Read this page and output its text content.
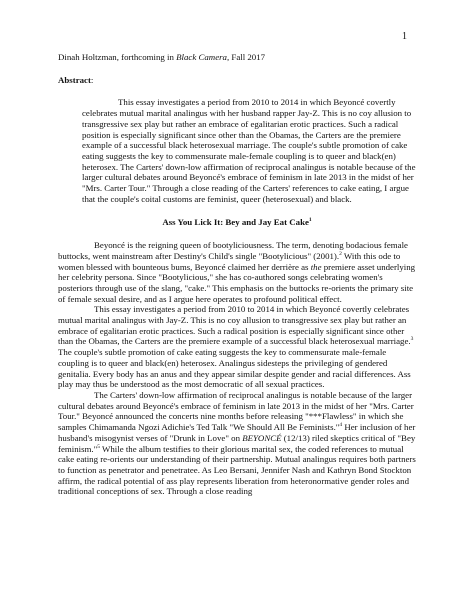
1

Dinah Holtzman, forthcoming in Black Camera, Fall 2017

Abstract:

This essay investigates a period from 2010 to 2014 in which Beyoncé covertly celebrates mutual marital analingus with her husband rapper Jay-Z. This is no coy allusion to transgressive sex play but rather an embrace of egalitarian erotic practices. Such a radical position is especially significant since other than the Obamas, the Carters are the premiere example of a successful black heterosexual marriage. The couple's subtle promotion of cake eating suggests the key to commensurate male-female coupling is to queer and black(en) heterosex. The Carters' down-low affirmation of reciprocal analingus is notable because of the larger cultural debates around Beyoncé's embrace of feminism in late 2013 in the midst of her "Mrs. Carter Tour." Through a close reading of the Carters' references to cake eating, I argue that the couple's coital customs are feminist, queer (heterosexual) and black.

Ass You Lick It: Bey and Jay Eat Cake$^1$

Beyoncé is the reigning queen of bootyliciousness. The term, denoting bodacious female buttocks, went mainstream after Destiny's Child's single "Bootylicious" (2001).$^2$ With this ode to women blessed with bounteous bums, Beyoncé claimed her derrière as the premiere asset underlying her celebrity persona. Since "Bootylicious," she has co-authored songs celebrating women's posteriors through use of the slang, "cake." This emphasis on the buttocks re-orients the primary site of female sexual desire, and as I argue here operates to profound political effect.

This essay investigates a period from 2010 to 2014 in which Beyoncé covertly celebrates mutual marital analingus with Jay-Z. This is no coy allusion to transgressive sex play but rather an embrace of egalitarian erotic practices. Such a radical position is especially significant since other than the Obamas, the Carters are the premiere example of a successful black heterosexual marriage.$^3$ The couple's subtle promotion of cake eating suggests the key to commensurate male-female coupling is to queer and black(en) heterosex. Analingus sidesteps the privileging of gendered genitalia. Every body has an anus and they appear similar despite gender and racial differences. Ass play may thus be understood as the most democratic of all sexual practices.

The Carters' down-low affirmation of reciprocal analingus is notable because of the larger cultural debates around Beyoncé's embrace of feminism in late 2013 in the midst of her "Mrs. Carter Tour." Beyoncé announced the concerts nine months before releasing "***Flawless" in which she samples Chimamanda Ngozi Adichie's Ted Talk "We Should All Be Feminists."$^4$ Her inclusion of her husband's misogynist verses of "Drunk in Love" on BEYONCÉ (12/13) riled skeptics critical of "Bey feminism."$^5$ While the album testifies to their glorious marital sex, the coded references to mutual cake eating re-orients our understanding of their partnership. Mutual analingus requires both partners to function as penetrator and penetratee. As Leo Bersani, Jennifer Nash and Kathryn Bond Stockton affirm, the radical potential of ass play represents liberation from heteronormative gender roles and traditional conceptions of sex. Through a close reading
